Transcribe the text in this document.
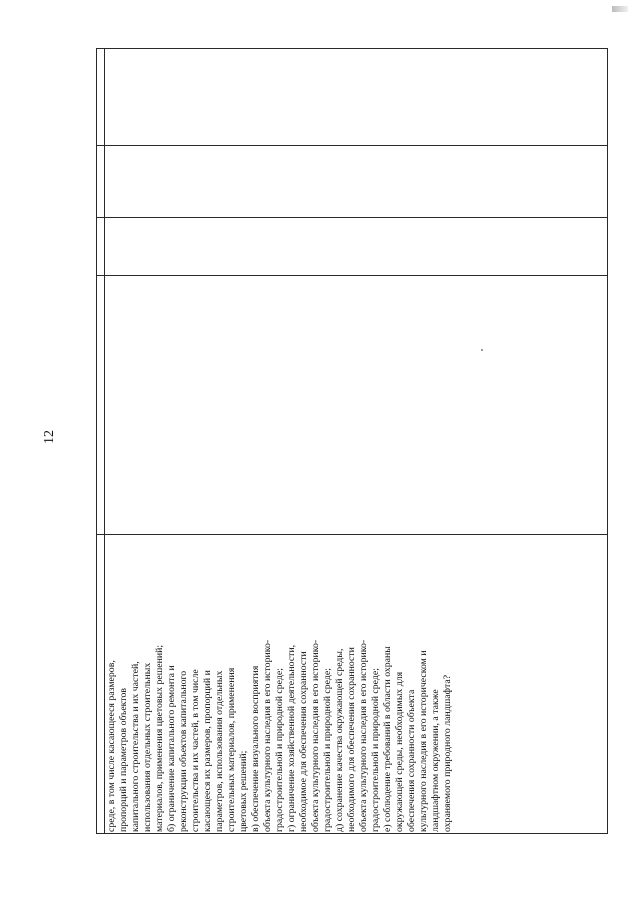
12
среде, в том числе касающееся размеров, пропорций и параметров объектов капитального строительства и их частей, использования отдельных строительных материалов, применения цветовых решений; б) ограничение капитального ремонта и реконструкции объектов капитального строительства и их частей, в том числе касающееся их размеров, пропорций и параметров, использования отдельных строительных материалов, применения цветовых решений; в) обеспечение визуального восприятия объекта культурного наследия в его историко- градостроительной и природной среде; г) ограничение хозяйственной деятельности, необходимое для обеспечения сохранности объекта культурного наследия в его историко- градостроительной и природной среде; д) сохранение качества окружающей среды, необходимого для обеспечения сохранности объекта культурного наследия в его историко- градостроительной и природной среде; е) соблюдение требований в области охраны окружающей среды, необходимых для обеспечения сохранности объекта культурного наследия в его историческом и ландшафтном окружении, а также охраняемого природного ландшафта?
